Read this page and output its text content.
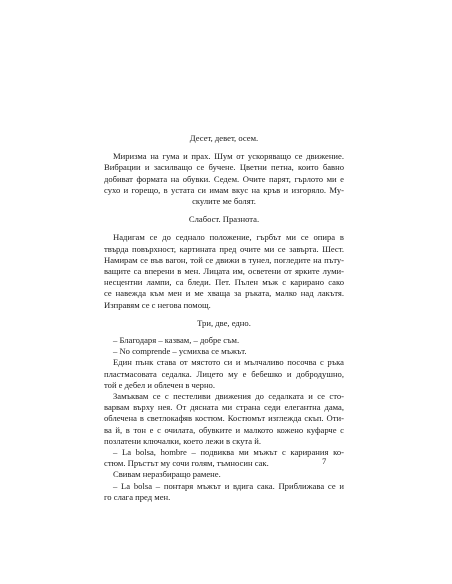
Десет, девет, осем.
Миризма на гума и прах. Шум от ускоряващо се движение.
Вибрации и засилващо се бучене. Цветни петна, които бавно
добиват формата на обувки. Седем. Очите парят, гърлото ми е
сухо и горещо, в устата си имам вкус на кръв и изгоряло. Му-
скулите ме болят.
Слабост. Празнота.
Надигам се до седнало положение, гърбът ми се опира в
твърда повърхност, картината пред очите ми се завърта. Шест.
Намирам се във вагон, той се движи в тунел, погледите на пъту-
ващите са вперени в мен. Лицата им, осветени от ярките луми-
несцентни лампи, са бледи. Пет. Пълен мъж с карирано сако
се навежда към мен и ме хваща за ръката, малко над лакътя.
Изправям се с негова помощ.
Три, две, едно.
– Благодаря – казвам, – добре съм.
– No comprende – усмихва се мъжът.
Един пънк става от мястото си и мълчаливо посочва с ръка
пластмасовата седалка. Лицето му е бебешко и добродушно,
той е дебел и облечен в черно.
Замъквам се с пестеливи движения до седалката и се сто-
варвам върху нея. От дясната ми страна седи елегантна дама,
облечена в светлокафяв костюм. Костюмът изглежда скъп. Оти-
ва й, в тон е с очилата, обувките и малкото кожено куфарче с
позлатени ключалки, което лежи в скута й.
– La bolsa, hombre – подвиква ми мъжът с карирания ко-
стюм. Пръстът му сочи голям, тъмносин сак.
Свивам неразбиращо рамене.
– La bolsa – понтаря мъжът и вдига сака. Приближава се и
го слага пред мен.
7
